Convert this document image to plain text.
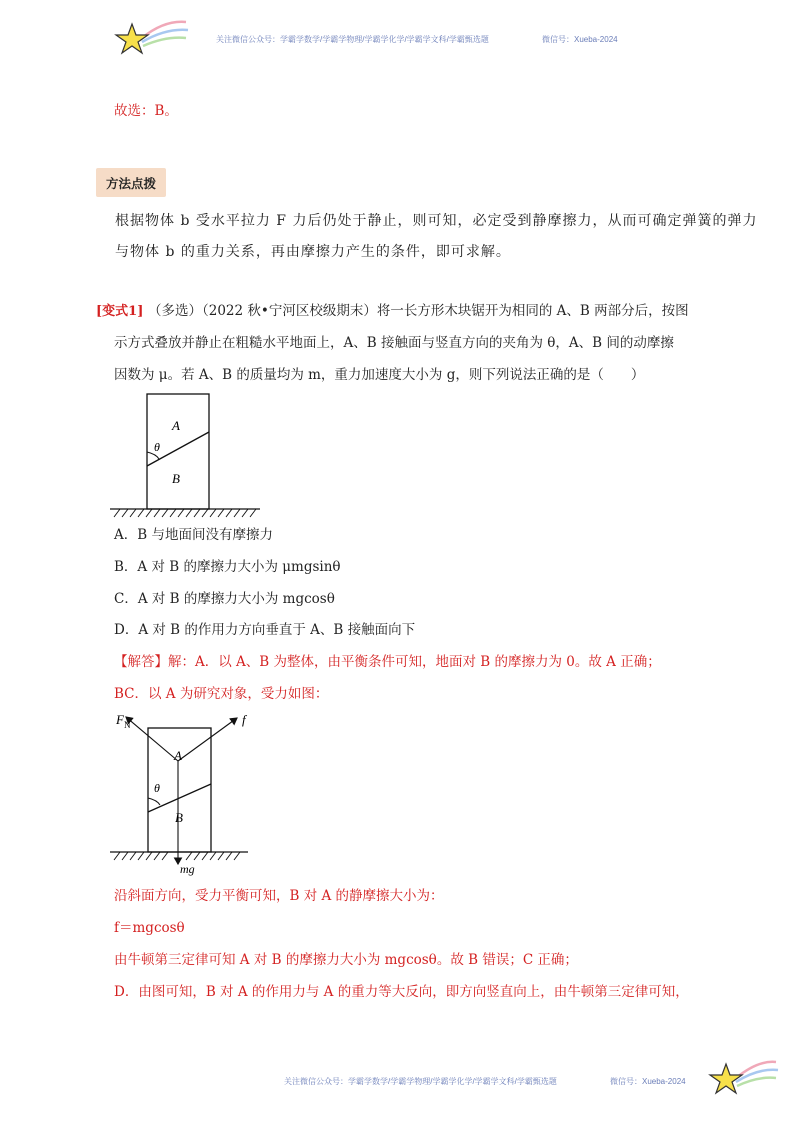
关注微信公众号：学霸学数学/学霸学物理/学霸学化学/学霸学文科/学霸甄选题	微信号：Xueba-2024
故选：B。
方法点拨
根据物体 b 受水平拉力 F 力后仍处于静止，则可知，必定受到静摩擦力，从而可确定弹簧的弹力
与物体 b 的重力关系，再由摩擦力产生的条件，即可求解。
[变式1] （多选）（2022 秋•宁河区校级期末）将一长方形木块锯开为相同的 A、B 两部分后，按图
示方式叠放并静止在粗糙水平地面上，A、B 接触面与竖直方向的夹角为 θ，A、B 间的动摩擦
因数为 μ。若 A、B 的质量均为 m，重力加速度大小为 g，则下列说法正确的是（　　）
A
θ
B
A．B 与地面间没有摩擦力
B．A 对 B 的摩擦力大小为 μmgsinθ
C．A 对 B 的摩擦力大小为 mgcosθ
D．A 对 B 的作用力方向垂直于 A、B 接触面向下
【解答】解：A．以 A、B 为整体，由平衡条件可知，地面对 B 的摩擦力为 0。故 A 正确；
BC．以 A 为研究对象，受力如图：
$F_N$	f
A
θ
B
mg
沿斜面方向，受力平衡可知，B 对 A 的静摩擦大小为：
f＝mgcosθ
由牛顿第三定律可知 A 对 B 的摩擦力大小为 mgcosθ。故 B 错误；C 正确；
D．由图可知，B 对 A 的作用力与 A 的重力等大反向，即方向竖直向上，由牛顿第三定律可知，
关注微信公众号：学霸学数学/学霸学物理/学霸学化学/学霸学文科/学霸甄选题	微信号：Xueba-2024
